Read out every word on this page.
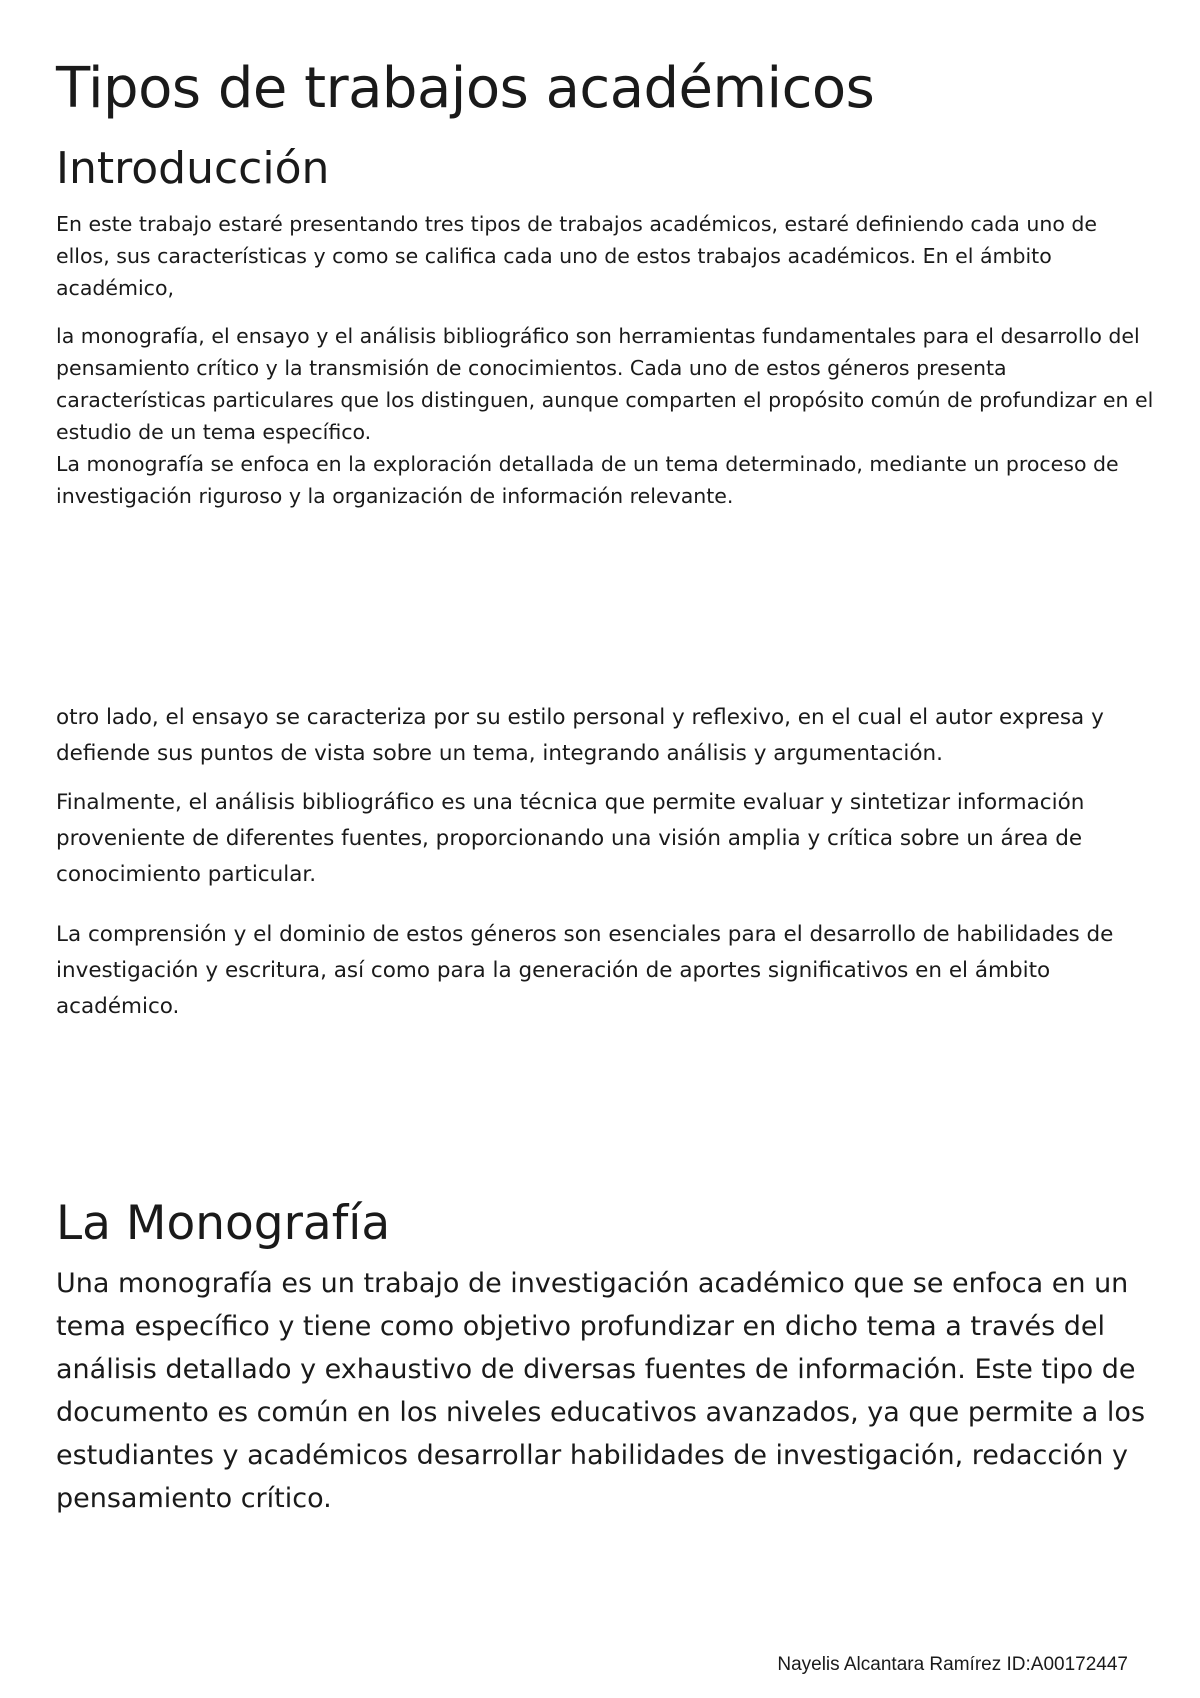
Tipos de trabajos académicos
Introducción

En este trabajo estaré presentando tres tipos de trabajos académicos, estaré definiendo cada uno de ellos, sus características y como se califica cada uno de estos trabajos académicos. En el ámbito académico,

la monografía, el ensayo y el análisis bibliográfico son herramientas fundamentales para el desarrollo del pensamiento crítico y la transmisión de conocimientos. Cada uno de estos géneros presenta características particulares que los distinguen, aunque comparten el propósito común de profundizar en el estudio de un tema específico.
La monografía se enfoca en la exploración detallada de un tema determinado, mediante un proceso de investigación riguroso y la organización de información relevante.

otro lado, el ensayo se caracteriza por su estilo personal y reflexivo, en el cual el autor expresa y defiende sus puntos de vista sobre un tema, integrando análisis y argumentación.

Finalmente, el análisis bibliográfico es una técnica que permite evaluar y sintetizar información proveniente de diferentes fuentes, proporcionando una visión amplia y crítica sobre un área de conocimiento particular.

La comprensión y el dominio de estos géneros son esenciales para el desarrollo de habilidades de investigación y escritura, así como para la generación de aportes significativos en el ámbito académico.

La Monografía

Una monografía es un trabajo de investigación académico que se enfoca en un tema específico y tiene como objetivo profundizar en dicho tema a través del análisis detallado y exhaustivo de diversas fuentes de información. Este tipo de documento es común en los niveles educativos avanzados, ya que permite a los estudiantes y académicos desarrollar habilidades de investigación, redacción y pensamiento crítico.

Nayelis Alcantara Ramírez ID:A00172447
